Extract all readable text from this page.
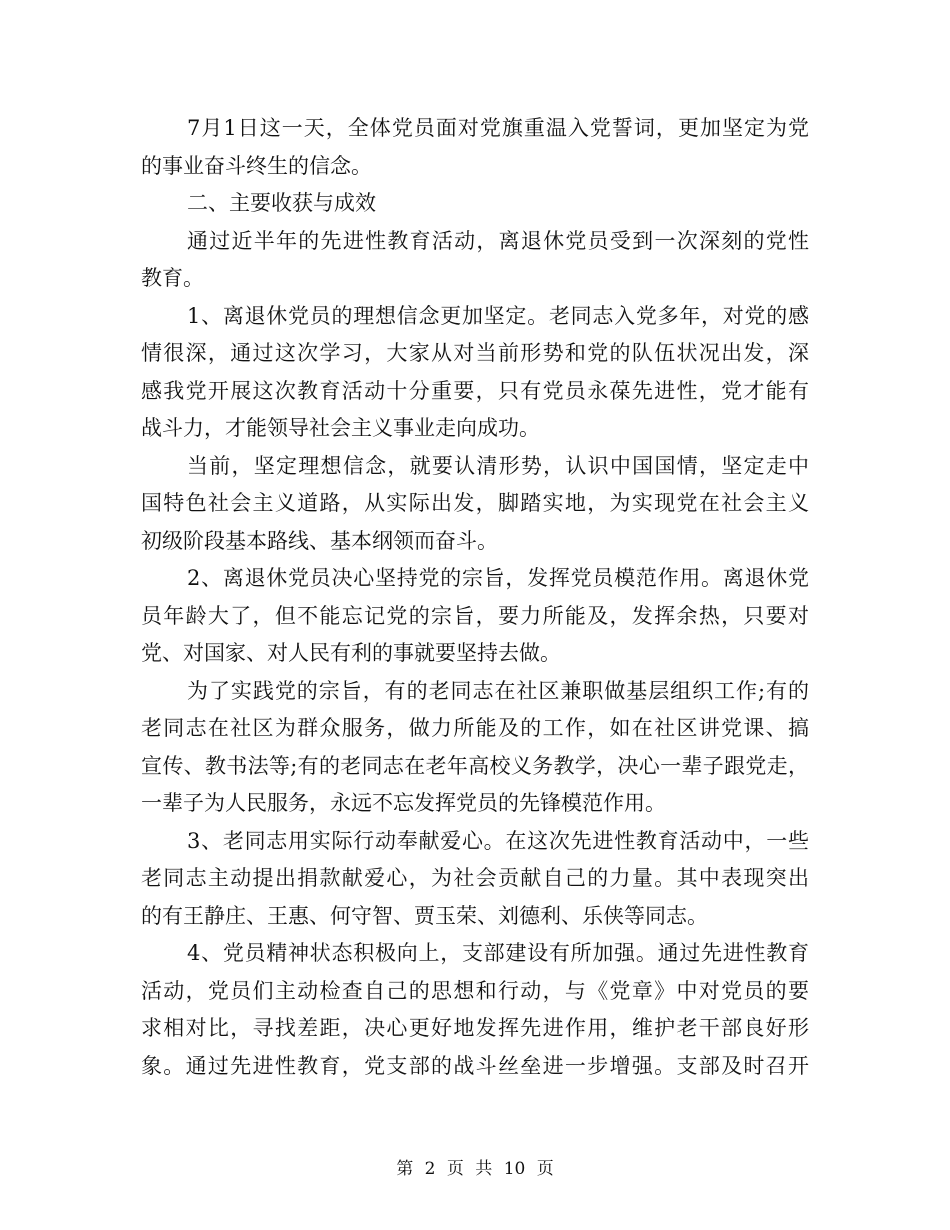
7月1日这一天，全体党员面对党旗重温入党誓词，更加坚定为党
的事业奋斗终生的信念。
二、主要收获与成效
通过近半年的先进性教育活动，离退休党员受到一次深刻的党性
教育。
1、离退休党员的理想信念更加坚定。老同志入党多年，对党的感
情很深，通过这次学习，大家从对当前形势和党的队伍状况出发，深
感我党开展这次教育活动十分重要，只有党员永葆先进性，党才能有
战斗力，才能领导社会主义事业走向成功。
当前，坚定理想信念，就要认清形势，认识中国国情，坚定走中
国特色社会主义道路，从实际出发，脚踏实地，为实现党在社会主义
初级阶段基本路线、基本纲领而奋斗。
2、离退休党员决心坚持党的宗旨，发挥党员模范作用。离退休党
员年龄大了，但不能忘记党的宗旨，要力所能及，发挥余热，只要对
党、对国家、对人民有利的事就要坚持去做。
为了实践党的宗旨，有的老同志在社区兼职做基层组织工作;有的
老同志在社区为群众服务，做力所能及的工作，如在社区讲党课、搞
宣传、教书法等;有的老同志在老年高校义务教学，决心一辈子跟党走，
一辈子为人民服务，永远不忘发挥党员的先锋模范作用。
3、老同志用实际行动奉献爱心。在这次先进性教育活动中，一些
老同志主动提出捐款献爱心，为社会贡献自己的力量。其中表现突出
的有王静庄、王惠、何守智、贾玉荣、刘德利、乐侠等同志。
4、党员精神状态积极向上，支部建设有所加强。通过先进性教育
活动，党员们主动检查自己的思想和行动，与《党章》中对党员的要
求相对比，寻找差距，决心更好地发挥先进作用，维护老干部良好形
象。通过先进性教育，党支部的战斗丝垒进一步增强。支部及时召开
第 2 页 共 10 页
